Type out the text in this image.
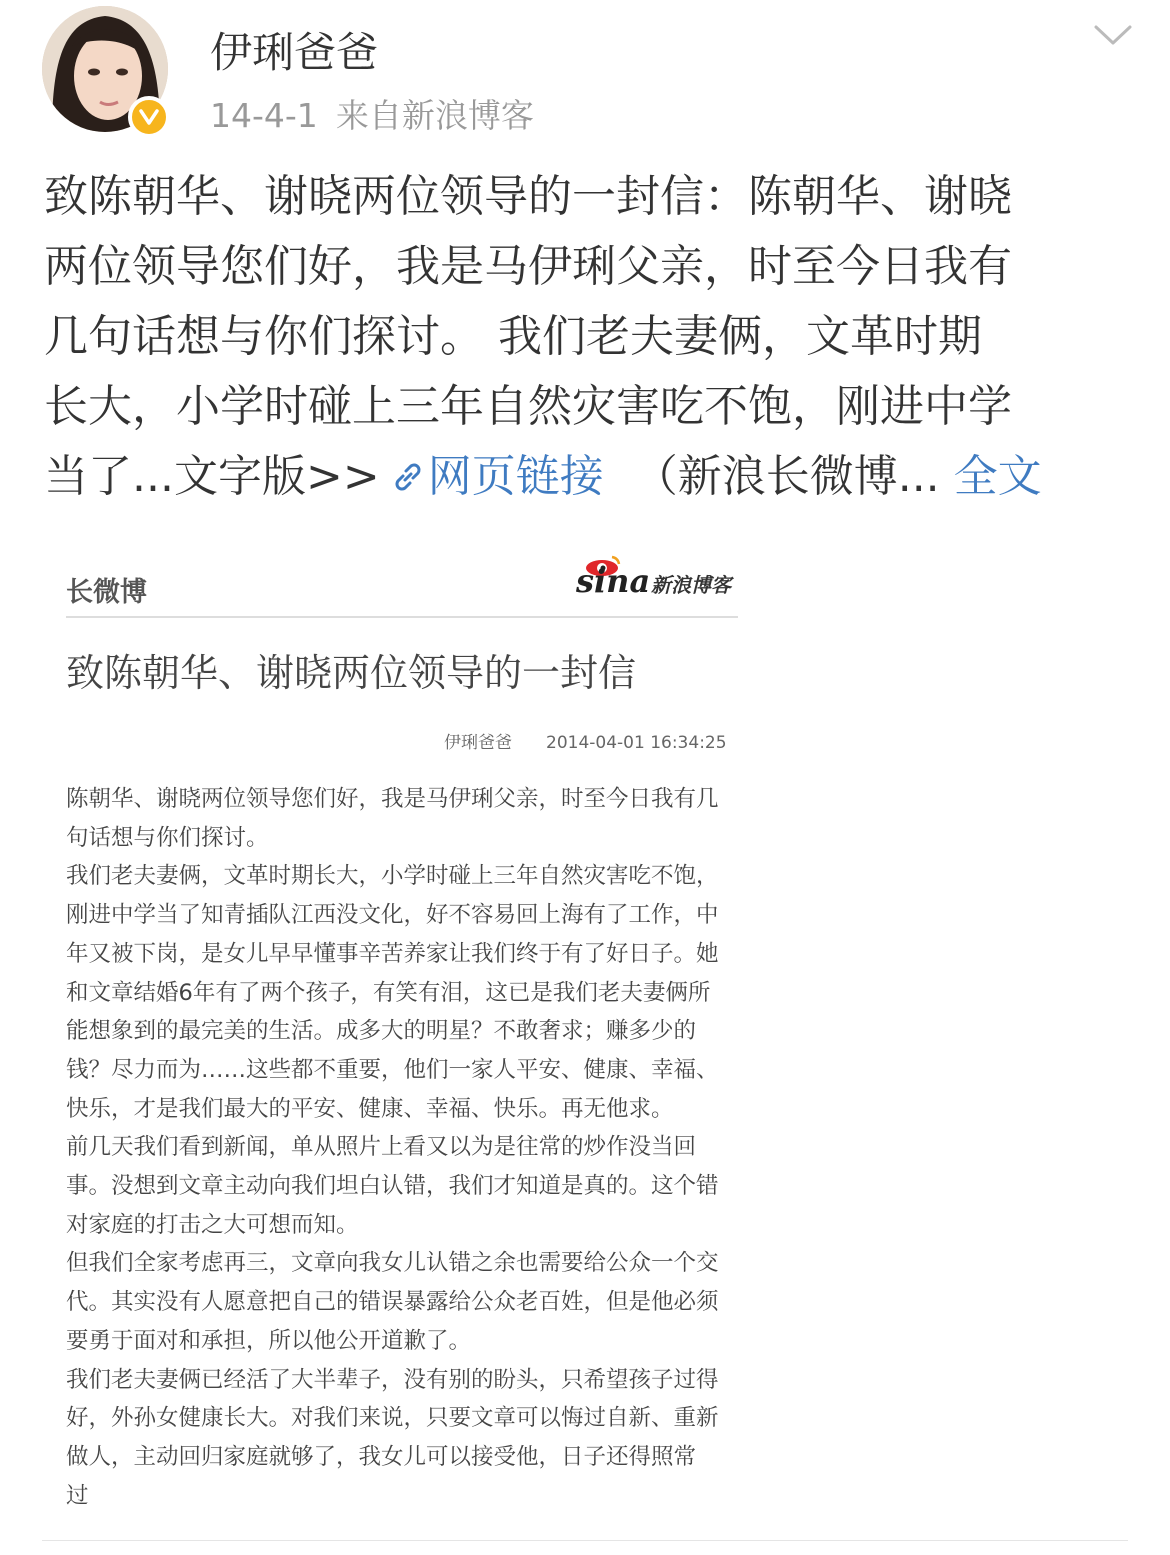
伊琍爸爸
14-4-1 来自新浪博客
致陈朝华、谢晓两位领导的一封信：陈朝华、谢晓
两位领导您们好，我是马伊琍父亲，时至今日我有
几句话想与你们探讨。 我们老夫妻俩，文革时期
长大，小学时碰上三年自然灾害吃不饱，刚进中学
当了...文字版>> 网页链接 （新浪长微博... 全文
长微博	sina 新浪博客
致陈朝华、谢晓两位领导的一封信
伊琍爸爸 2014-04-01 16:34:25
陈朝华、谢晓两位领导您们好，我是马伊琍父亲，时至今日我有几
句话想与你们探讨。
我们老夫妻俩，文革时期长大，小学时碰上三年自然灾害吃不饱，
刚进中学当了知青插队江西没文化，好不容易回上海有了工作，中
年又被下岗，是女儿早早懂事辛苦养家让我们终于有了好日子。她
和文章结婚6年有了两个孩子，有笑有泪，这已是我们老夫妻俩所
能想象到的最完美的生活。成多大的明星？不敢奢求；赚多少的
钱？尽力而为……这些都不重要，他们一家人平安、健康、幸福、
快乐，才是我们最大的平安、健康、幸福、快乐。再无他求。
前几天我们看到新闻，单从照片上看又以为是往常的炒作没当回
事。没想到文章主动向我们坦白认错，我们才知道是真的。这个错
对家庭的打击之大可想而知。
但我们全家考虑再三，文章向我女儿认错之余也需要给公众一个交
代。其实没有人愿意把自己的错误暴露给公众老百姓，但是他必须
要勇于面对和承担，所以他公开道歉了。
我们老夫妻俩已经活了大半辈子，没有别的盼头，只希望孩子过得
好，外孙女健康长大。对我们来说，只要文章可以悔过自新、重新
做人，主动回归家庭就够了，我女儿可以接受他，日子还得照常
过
